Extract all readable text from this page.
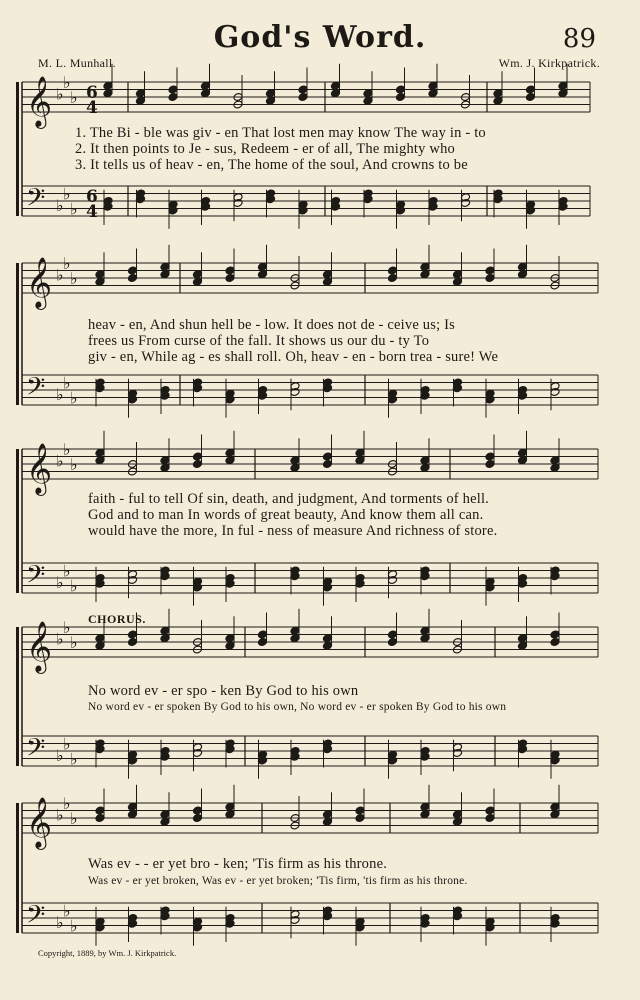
God's Word.	89
M. L. Munhall.	Wm. J. Kirkpatrick.
𝄞
𝄢
♭
♭
♭
♭
♭
♭
6
6
4
4
𝄞
𝄢
♭
♭
♭
♭
♭
♭
𝄞
𝄢
♭
♭
♭
♭
♭
♭
𝄞
𝄢
♭
♭
♭
♭
♭
♭
𝄞
𝄢
♭
♭
♭
♭
♭
♭
1. The Bi - ble was giv - en That lost men may know The way in - to
2. It then points to Je - sus, Redeem - er of all, The mighty who
3. It tells us of heav - en, The home of the soul, And crowns to be
heav - en, And shun hell be - low. It does not de - ceive us; Is
frees us From curse of the fall. It shows us our du - ty To
giv - en, While ag - es shall roll. Oh, heav - en - born trea - sure! We
faith - ful to tell Of sin, death, and judgment, And torments of hell.
God and to man In words of great beauty, And know them all can.
would have the more, In ful - ness of measure And richness of store.
CHORUS.
No word ev - er spo - ken By God to his own
No word ev - er spoken By God to his own, No word ev - er spoken By God to his own
Was ev - - er yet bro - ken; 'Tis firm as his throne.
Was ev - er yet broken, Was ev - er yet broken; 'Tis firm, 'tis firm as his throne.
Copyright, 1889, by Wm. J. Kirkpatrick.
